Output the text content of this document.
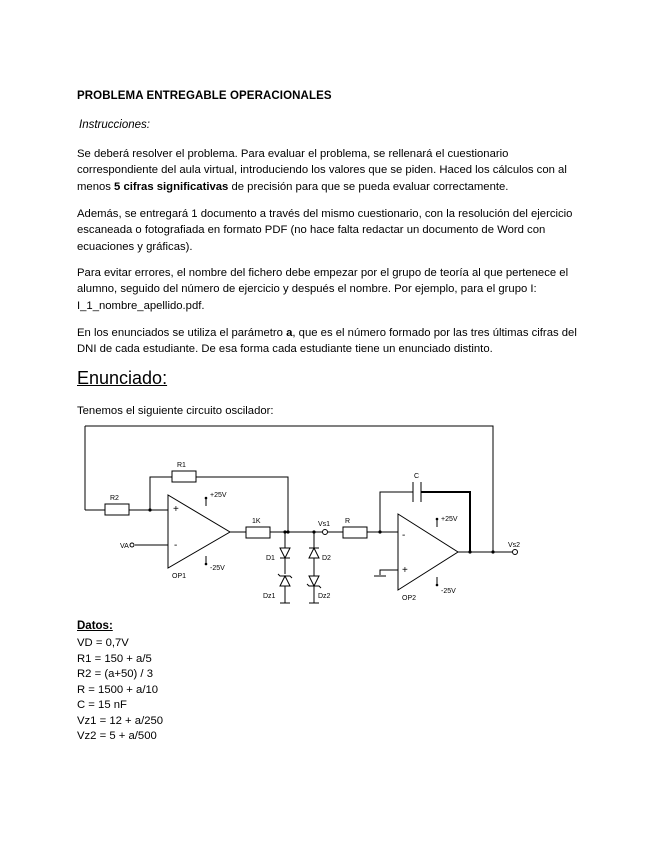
PROBLEMA ENTREGABLE OPERACIONALES
Instrucciones:

Se deberá resolver el problema. Para evaluar el problema, se rellenará el cuestionario correspondiente del aula virtual, introduciendo los valores que se piden. Haced los cálculos con al menos 5 cifras significativas de precisión para que se pueda evaluar correctamente.

Además, se entregará 1 documento a través del mismo cuestionario, con la resolución del ejercicio escaneada o fotografiada en formato PDF (no hace falta redactar un documento de Word con ecuaciones y gráficas).

Para evitar errores, el nombre del fichero debe empezar por el grupo de teoría al que pertenece el alumno, seguido del número de ejercicio y después el nombre. Por ejemplo, para el grupo I: I_1_nombre_apellido.pdf.

En los enunciados se utiliza el parámetro a, que es el número formado por las tres últimas cifras del DNI de cada estudiante. De esa forma cada estudiante tiene un enunciado distinto.

Enunciado:
Tenemos el siguiente circuito oscilador:
R2
R1
1K	R
C
VA
Vs1
Vs2
OP1
OP2
D1	D2
Dz1	Dz2
+25V
-25V
+25V
-25V
+
-
-
+
Datos:
VD = 0,7V
R1 = 150 + a/5
R2 = (a+50) / 3
R = 1500 + a/10
C = 15 nF
Vz1 = 12 + a/250
Vz2 = 5 + a/500
